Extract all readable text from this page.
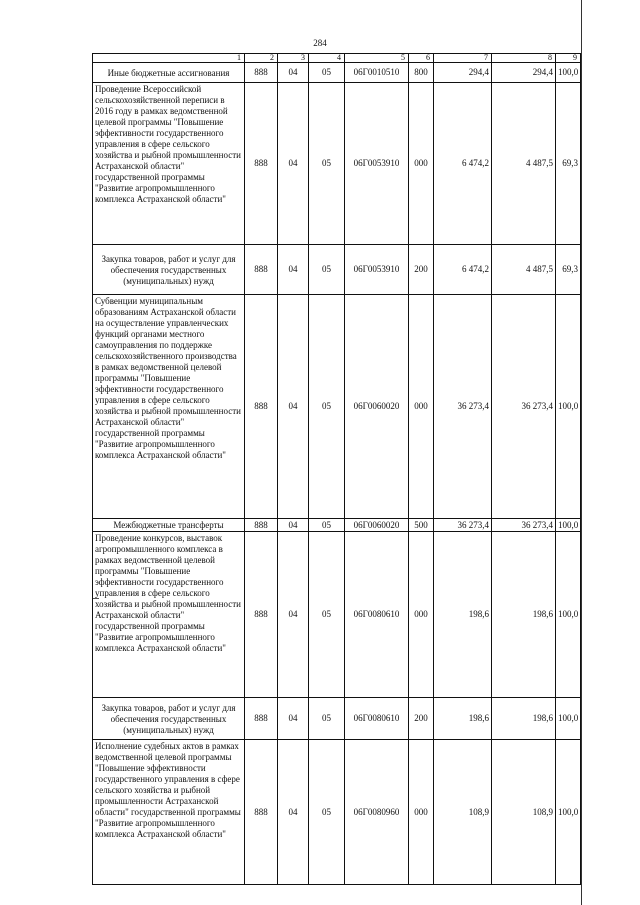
284
1	2	3	4	5	6	7	8	9
Иные бюджетные ассигнования	888	04	05	06Г0010510	800	294,4	294,4	100,0
Проведение Всероссийской сельскохозяйственной переписи в 2016 году в рамках ведомственной целевой программы "Повышение эффективности государственного управления в сфере сельского хозяйства и рыбной промышленности Астраханской области" государственной программы "Развитие агропромышленного комплекса Астраханской области"	888	04	05	06Г0053910	000	6 474,2	4 487,5	69,3
Закупка товаров, работ и услуг для обеспечения государственных (муниципальных) нужд	888	04	05	06Г0053910	200	6 474,2	4 487,5	69,3
Субвенции муниципальным образованиям Астраханской области на осуществление управленческих функций органами местного самоуправления по поддержке сельскохозяйственного производства в рамках ведомственной целевой программы "Повышение эффективности государственного управления в сфере сельского хозяйства и рыбной промышленности Астраханской области" государственной программы "Развитие агропромышленного комплекса Астраханской области"	888	04	05	06Г0060020	000	36 273,4	36 273,4	100,0
Межбюджетные трансферты	888	04	05	06Г0060020	500	36 273,4	36 273,4	100,0
Проведение конкурсов, выставок агропромышленного комплекса в рамках ведомственной целевой программы "Повышение эффективности государственного управления в сфере сельского хозяйства и рыбной промышленности Астраханской области" государственной программы "Развитие агропромышленного комплекса Астраханской области"	888	04	05	06Г0080610	000	198,6	198,6	100,0
Закупка товаров, работ и услуг для обеспечения государственных (муниципальных) нужд	888	04	05	06Г0080610	200	198,6	198,6	100,0
Исполнение судебных актов в рамках ведомственной целевой программы "Повышение эффективности государственного управления в сфере сельского хозяйства и рыбной промышленности Астраханской области" государственной программы "Развитие агропромышленного комплекса Астраханской области"	888	04	05	06Г0080960	000	108,9	108,9	100,0
